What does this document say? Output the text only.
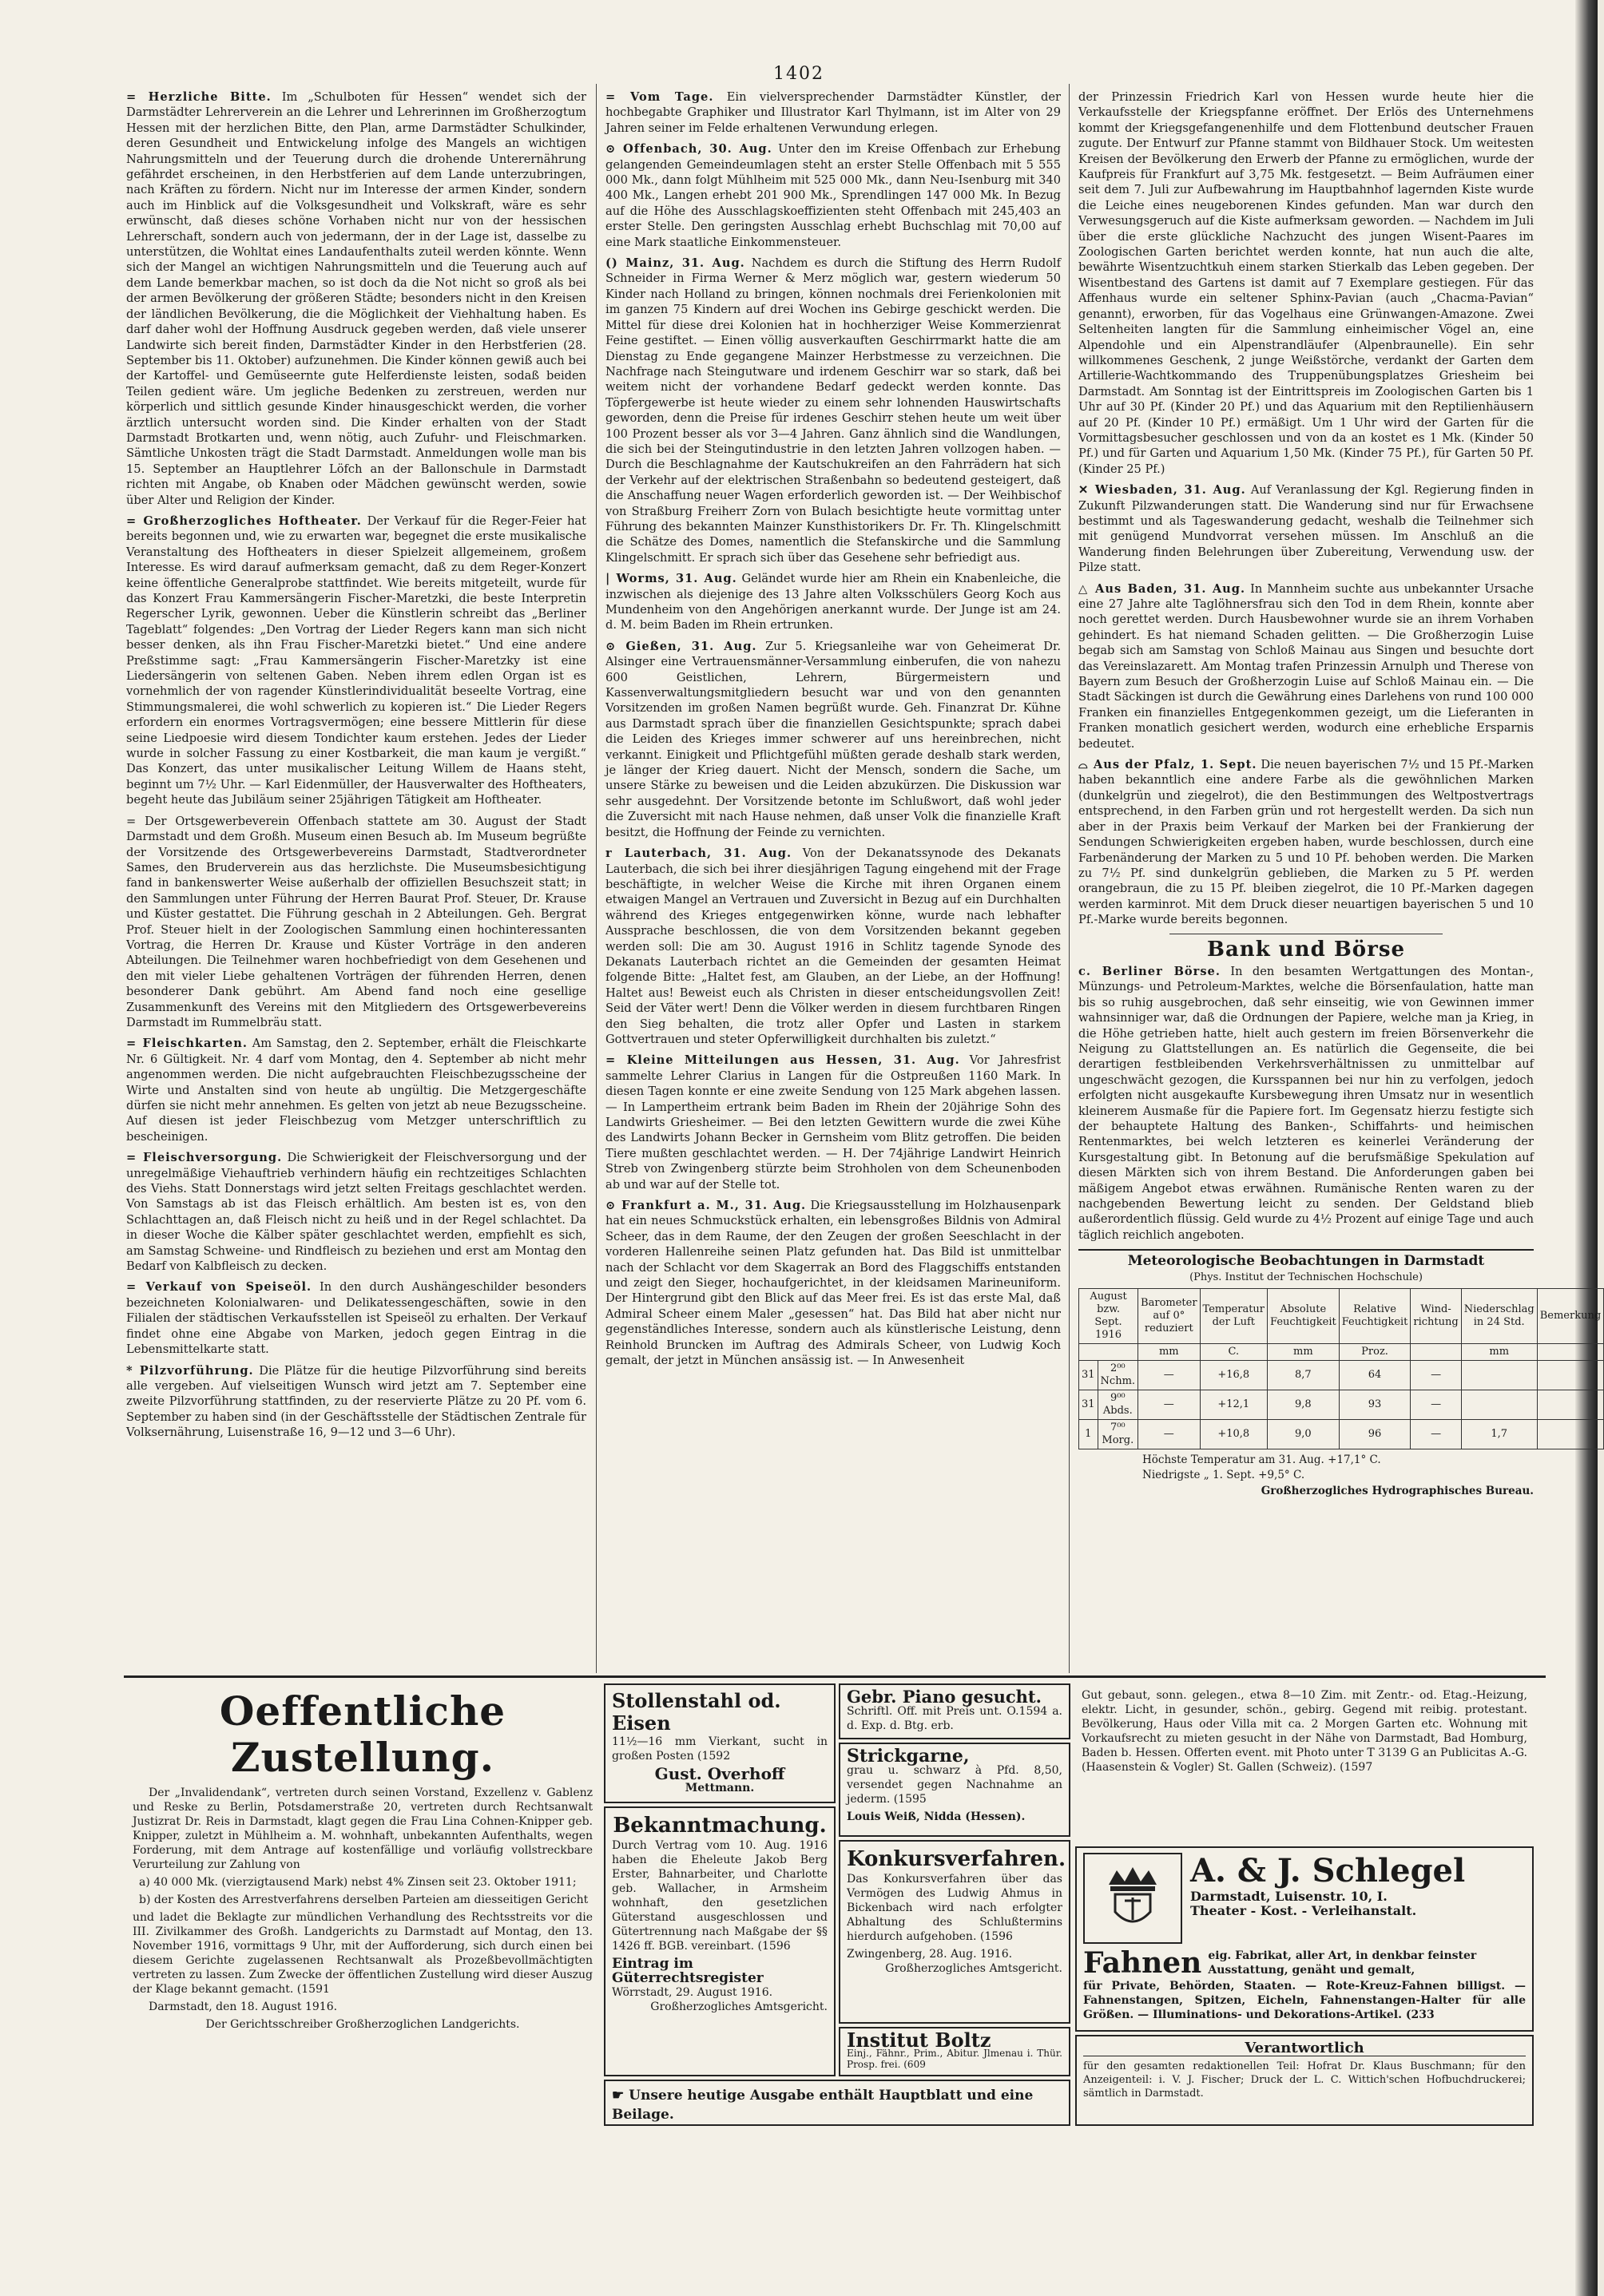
1402

= Herzliche Bitte. Im „Schulboten für Hessen“ wendet sich der Darmstädter Lehrerverein an die Lehrer und Lehrerinnen im Großherzogtum Hessen mit der herzlichen Bitte, den Plan, arme Darmstädter Schulkinder, deren Gesundheit und Entwickelung infolge des Mangels an wichtigen Nahrungsmitteln und der Teuerung durch die drohende Unterernährung gefährdet erscheinen, in den Herbstferien auf dem Lande unterzubringen, nach Kräften zu fördern. Nicht nur im Interesse der armen Kinder, sondern auch im Hinblick auf die Volksgesundheit und Volkskraft, wäre es sehr erwünscht, daß dieses schöne Vorhaben nicht nur von der hessischen Lehrerschaft, sondern auch von jedermann, der in der Lage ist, dasselbe zu unterstützen, die Wohltat eines Landaufenthalts zuteil werden könnte. Wenn sich der Mangel an wichtigen Nahrungsmitteln und die Teuerung auch auf dem Lande bemerkbar machen, so ist doch da die Not nicht so groß als bei der armen Bevölkerung der größeren Städte; besonders nicht in den Kreisen der ländlichen Bevölkerung, die die Möglichkeit der Viehhaltung haben. Es darf daher wohl der Hoffnung Ausdruck gegeben werden, daß viele unserer Landwirte sich bereit finden, Darmstädter Kinder in den Herbstferien (28. September bis 11. Oktober) aufzunehmen. Die Kinder können gewiß auch bei der Kartoffel- und Gemüseernte gute Helferdienste leisten, sodaß beiden Teilen gedient wäre. Um jegliche Bedenken zu zerstreuen, werden nur körperlich und sittlich gesunde Kinder hinausgeschickt werden, die vorher ärztlich untersucht worden sind. Die Kinder erhalten von der Stadt Darmstadt Brotkarten und, wenn nötig, auch Zufuhr- und Fleischmarken. Sämtliche Unkosten trägt die Stadt Darmstadt. Anmeldungen wolle man bis 15. September an Hauptlehrer Löfch an der Ballonschule in Darmstadt richten mit Angabe, ob Knaben oder Mädchen gewünscht werden, sowie über Alter und Religion der Kinder.

= Großherzogliches Hoftheater. Der Verkauf für die Reger-Feier hat bereits begonnen und, wie zu erwarten war, begegnet die erste musikalische Veranstaltung des Hoftheaters in dieser Spielzeit allgemeinem, großem Interesse. Es wird darauf aufmerksam gemacht, daß zu dem Reger-Konzert keine öffentliche Generalprobe stattfindet. Wie bereits mitgeteilt, wurde für das Konzert Frau Kammersängerin Fischer-Maretzki, die beste Interpretin Regerscher Lyrik, gewonnen. Ueber die Künstlerin schreibt das „Berliner Tageblatt“ folgendes: „Den Vortrag der Lieder Regers kann man sich nicht besser denken, als ihn Frau Fischer-Maretzki bietet.“ Und eine andere Preßstimme sagt: „Frau Kammersängerin Fischer-Maretzky ist eine Liedersängerin von seltenen Gaben. Neben ihrem edlen Organ ist es vornehmlich der von ragender Künstlerindividualität beseelte Vortrag, eine Stimmungsmalerei, die wohl schwerlich zu kopieren ist.“ Die Lieder Regers erfordern ein enormes Vortragsvermögen; eine bessere Mittlerin für diese seine Liedpoesie wird diesem Tondichter kaum erstehen. Jedes der Lieder wurde in solcher Fassung zu einer Kostbarkeit, die man kaum je vergißt.“ Das Konzert, das unter musikalischer Leitung Willem de Haans steht, beginnt um 7½ Uhr. — Karl Eidenmüller, der Hausverwalter des Hoftheaters, begeht heute das Jubiläum seiner 25jährigen Tätigkeit am Hoftheater.

= Der Ortsgewerbeverein Offenbach stattete am 30. August der Stadt Darmstadt und dem Großh. Museum einen Besuch ab. Im Museum begrüßte der Vorsitzende des Ortsgewerbevereins Darmstadt, Stadtverordneter Sames, den Bruderverein aus das herzlichste. Die Museumsbesichtigung fand in bankenswerter Weise außerhalb der offiziellen Besuchszeit statt; in den Sammlungen unter Führung der Herren Baurat Prof. Steuer, Dr. Krause und Küster gestattet. Die Führung geschah in 2 Abteilungen. Geh. Bergrat Prof. Steuer hielt in der Zoologischen Sammlung einen hochinteressanten Vortrag, die Herren Dr. Krause und Küster Vorträge in den anderen Abteilungen. Die Teilnehmer waren hochbefriedigt von dem Gesehenen und den mit vieler Liebe gehaltenen Vorträgen der führenden Herren, denen besonderer Dank gebührt. Am Abend fand noch eine gesellige Zusammenkunft des Vereins mit den Mitgliedern des Ortsgewerbevereins Darmstadt im Rummelbräu statt.

= Fleischkarten. Am Samstag, den 2. September, erhält die Fleischkarte Nr. 6 Gültigkeit. Nr. 4 darf vom Montag, den 4. September ab nicht mehr angenommen werden. Die nicht aufgebrauchten Fleischbezugsscheine der Wirte und Anstalten sind von heute ab ungültig. Die Metzgergeschäfte dürfen sie nicht mehr annehmen. Es gelten von jetzt ab neue Bezugsscheine. Auf diesen ist jeder Fleischbezug vom Metzger unterschriftlich zu bescheinigen.

= Fleischversorgung. Die Schwierigkeit der Fleischversorgung und der unregelmäßige Viehauftrieb verhindern häufig ein rechtzeitiges Schlachten des Viehs. Statt Donnerstags wird jetzt selten Freitags geschlachtet werden. Von Samstags ab ist das Fleisch erhältlich. Am besten ist es, von den Schlachttagen an, daß Fleisch nicht zu heiß und in der Regel schlachtet. Da in dieser Woche die Kälber später geschlachtet werden, empfiehlt es sich, am Samstag Schweine- und Rindfleisch zu beziehen und erst am Montag den Bedarf von Kalbfleisch zu decken.

= Verkauf von Speiseöl. In den durch Aushängeschilder besonders bezeichneten Kolonialwaren- und Delikatessengeschäften, sowie in den Filialen der städtischen Verkaufsstellen ist Speiseöl zu erhalten. Der Verkauf findet ohne eine Abgabe von Marken, jedoch gegen Eintrag in die Lebensmittelkarte statt.

* Pilzvorführung. Die Plätze für die heutige Pilzvorführung sind bereits alle vergeben. Auf vielseitigen Wunsch wird jetzt am 7. September eine zweite Pilzvorführung stattfinden, zu der reservierte Plätze zu 20 Pf. vom 6. September zu haben sind (in der Geschäftsstelle der Städtischen Zentrale für Volksernährung, Luisenstraße 16, 9—12 und 3—6 Uhr).

= Vom Tage. Ein vielversprechender Darmstädter Künstler, der hochbegabte Graphiker und Illustrator Karl Thylmann, ist im Alter von 29 Jahren seiner im Felde erhaltenen Verwundung erlegen.

⊙ Offenbach, 30. Aug. Unter den im Kreise Offenbach zur Erhebung gelangenden Gemeindeumlagen steht an erster Stelle Offenbach mit 5 555 000 Mk., dann folgt Mühlheim mit 525 000 Mk., dann Neu-Isenburg mit 340 400 Mk., Langen erhebt 201 900 Mk., Sprendlingen 147 000 Mk. In Bezug auf die Höhe des Ausschlagskoeffizienten steht Offenbach mit 245,403 an erster Stelle. Den geringsten Ausschlag erhebt Buchschlag mit 70,00 auf eine Mark staatliche Einkommensteuer.

() Mainz, 31. Aug. Nachdem es durch die Stiftung des Herrn Rudolf Schneider in Firma Werner & Merz möglich war, gestern wiederum 50 Kinder nach Holland zu bringen, können nochmals drei Ferienkolonien mit im ganzen 75 Kindern auf drei Wochen ins Gebirge geschickt werden. Die Mittel für diese drei Kolonien hat in hochherziger Weise Kommerzienrat Feine gestiftet. — Einen völlig ausverkauften Geschirrmarkt hatte die am Dienstag zu Ende gegangene Mainzer Herbstmesse zu verzeichnen. Die Nachfrage nach Steingutware und irdenem Geschirr war so stark, daß bei weitem nicht der vorhandene Bedarf gedeckt werden konnte. Das Töpfergewerbe ist heute wieder zu einem sehr lohnenden Hauswirtschafts geworden, denn die Preise für irdenes Geschirr stehen heute um weit über 100 Prozent besser als vor 3—4 Jahren. Ganz ähnlich sind die Wandlungen, die sich bei der Steingutindustrie in den letzten Jahren vollzogen haben. — Durch die Beschlagnahme der Kautschukreifen an den Fahrrädern hat sich der Verkehr auf der elektrischen Straßenbahn so bedeutend gesteigert, daß die Anschaffung neuer Wagen erforderlich geworden ist. — Der Weihbischof von Straßburg Freiherr Zorn von Bulach besichtigte heute vormittag unter Führung des bekannten Mainzer Kunsthistorikers Dr. Fr. Th. Klingelschmitt die Schätze des Domes, namentlich die Stefanskirche und die Sammlung Klingelschmitt. Er sprach sich über das Gesehene sehr befriedigt aus.

| Worms, 31. Aug. Geländet wurde hier am Rhein ein Knabenleiche, die inzwischen als diejenige des 13 Jahre alten Volksschülers Georg Koch aus Mundenheim von den Angehörigen anerkannt wurde. Der Junge ist am 24. d. M. beim Baden im Rhein ertrunken.

⊙ Gießen, 31. Aug. Zur 5. Kriegsanleihe war von Geheimerat Dr. Alsinger eine Vertrauensmänner-Versammlung einberufen, die von nahezu 600 Geistlichen, Lehrern, Bürgermeistern und Kassenverwaltungsmitgliedern besucht war und von den genannten Vorsitzenden im großen Namen begrüßt wurde. Geh. Finanzrat Dr. Kühne aus Darmstadt sprach über die finanziellen Gesichtspunkte; sprach dabei die Leiden des Krieges immer schwerer auf uns hereinbrechen, nicht verkannt. Einigkeit und Pflichtgefühl müßten gerade deshalb stark werden, je länger der Krieg dauert. Nicht der Mensch, sondern die Sache, um unsere Stärke zu beweisen und die Leiden abzukürzen. Die Diskussion war sehr ausgedehnt. Der Vorsitzende betonte im Schlußwort, daß wohl jeder die Zuversicht mit nach Hause nehmen, daß unser Volk die finanzielle Kraft besitzt, die Hoffnung der Feinde zu vernichten.

r Lauterbach, 31. Aug. Von der Dekanatssynode des Dekanats Lauterbach, die sich bei ihrer diesjährigen Tagung eingehend mit der Frage beschäftigte, in welcher Weise die Kirche mit ihren Organen einem etwaigen Mangel an Vertrauen und Zuversicht in Bezug auf ein Durchhalten während des Krieges entgegenwirken könne, wurde nach lebhafter Aussprache beschlossen, die von dem Vorsitzenden bekannt gegeben werden soll: Die am 30. August 1916 in Schlitz tagende Synode des Dekanats Lauterbach richtet an die Gemeinden der gesamten Heimat folgende Bitte: „Haltet fest, am Glauben, an der Liebe, an der Hoffnung! Haltet aus! Beweist euch als Christen in dieser entscheidungsvollen Zeit! Seid der Väter wert! Denn die Völker werden in diesem furchtbaren Ringen den Sieg behalten, die trotz aller Opfer und Lasten in starkem Gottvertrauen und steter Opferwilligkeit durchhalten bis zuletzt.“

= Kleine Mitteilungen aus Hessen, 31. Aug. Vor Jahresfrist sammelte Lehrer Clarius in Langen für die Ostpreußen 1160 Mark. In diesen Tagen konnte er eine zweite Sendung von 125 Mark abgehen lassen. — In Lampertheim ertrank beim Baden im Rhein der 20jährige Sohn des Landwirts Griesheimer. — Bei den letzten Gewittern wurde die zwei Kühe des Landwirts Johann Becker in Gernsheim vom Blitz getroffen. Die beiden Tiere mußten geschlachtet werden. — H. Der 74jährige Landwirt Heinrich Streb von Zwingenberg stürzte beim Strohholen von dem Scheunenboden ab und war auf der Stelle tot.

⊙ Frankfurt a. M., 31. Aug. Die Kriegsausstellung im Holzhausenpark hat ein neues Schmuckstück erhalten, ein lebensgroßes Bildnis von Admiral Scheer, das in dem Raume, der den Zeugen der großen Seeschlacht in der vorderen Hallenreihe seinen Platz gefunden hat. Das Bild ist unmittelbar nach der Schlacht vor dem Skagerrak an Bord des Flaggschiffs entstanden und zeigt den Sieger, hochaufgerichtet, in der kleidsamen Marineuniform. Der Hintergrund gibt den Blick auf das Meer frei. Es ist das erste Mal, daß Admiral Scheer einem Maler „gesessen“ hat. Das Bild hat aber nicht nur gegenständliches Interesse, sondern auch als künstlerische Leistung, denn Reinhold Bruncken im Auftrag des Admirals Scheer, von Ludwig Koch gemalt, der jetzt in München ansässig ist. — In Anwesenheit

der Prinzessin Friedrich Karl von Hessen wurde heute hier die Verkaufsstelle der Kriegspfanne eröffnet. Der Erlös des Unternehmens kommt der Kriegsgefangenenhilfe und dem Flottenbund deutscher Frauen zugute. Der Entwurf zur Pfanne stammt von Bildhauer Stock. Um weitesten Kreisen der Bevölkerung den Erwerb der Pfanne zu ermöglichen, wurde der Kaufpreis für Frankfurt auf 3,75 Mk. festgesetzt. — Beim Aufräumen einer seit dem 7. Juli zur Aufbewahrung im Hauptbahnhof lagernden Kiste wurde die Leiche eines neugeborenen Kindes gefunden. Man war durch den Verwesungsgeruch auf die Kiste aufmerksam geworden. — Nachdem im Juli über die erste glückliche Nachzucht des jungen Wisent-Paares im Zoologischen Garten berichtet werden konnte, hat nun auch die alte, bewährte Wisentzuchtkuh einem starken Stierkalb das Leben gegeben. Der Wisentbestand des Gartens ist damit auf 7 Exemplare gestiegen. Für das Affenhaus wurde ein seltener Sphinx-Pavian (auch „Chacma-Pavian“ genannt), erworben, für das Vogelhaus eine Grünwangen-Amazone. Zwei Seltenheiten langten für die Sammlung einheimischer Vögel an, eine Alpendohle und ein Alpenstrandläufer (Alpenbraunelle). Ein sehr willkommenes Geschenk, 2 junge Weißstörche, verdankt der Garten dem Artillerie-Wachtkommando des Truppenübungsplatzes Griesheim bei Darmstadt. Am Sonntag ist der Eintrittspreis im Zoologischen Garten bis 1 Uhr auf 30 Pf. (Kinder 20 Pf.) und das Aquarium mit den Reptilienhäusern auf 20 Pf. (Kinder 10 Pf.) ermäßigt. Um 1 Uhr wird der Garten für die Vormittagsbesucher geschlossen und von da an kostet es 1 Mk. (Kinder 50 Pf.) und für Garten und Aquarium 1,50 Mk. (Kinder 75 Pf.), für Garten 50 Pf. (Kinder 25 Pf.)

✕ Wiesbaden, 31. Aug. Auf Veranlassung der Kgl. Regierung finden in Zukunft Pilzwanderungen statt. Die Wanderung sind nur für Erwachsene bestimmt und als Tageswanderung gedacht, weshalb die Teilnehmer sich mit genügend Mundvorrat versehen müssen. Im Anschluß an die Wanderung finden Belehrungen über Zubereitung, Verwendung usw. der Pilze statt.

△ Aus Baden, 31. Aug. In Mannheim suchte aus unbekannter Ursache eine 27 Jahre alte Taglöhnersfrau sich den Tod in dem Rhein, konnte aber noch gerettet werden. Durch Hausbewohner wurde sie an ihrem Vorhaben gehindert. Es hat niemand Schaden gelitten. — Die Großherzogin Luise begab sich am Samstag von Schloß Mainau aus Singen und besuchte dort das Vereinslazarett. Am Montag trafen Prinzessin Arnulph und Therese von Bayern zum Besuch der Großherzogin Luise auf Schloß Mainau ein. — Die Stadt Säckingen ist durch die Gewährung eines Darlehens von rund 100 000 Franken ein finanzielles Entgegenkommen gezeigt, um die Lieferanten in Franken monatlich gesichert werden, wodurch eine erhebliche Ersparnis bedeutet.

⌓ Aus der Pfalz, 1. Sept. Die neuen bayerischen 7½ und 15 Pf.-Marken haben bekanntlich eine andere Farbe als die gewöhnlichen Marken (dunkelgrün und ziegelrot), die den Bestimmungen des Weltpostvertrags entsprechend, in den Farben grün und rot hergestellt werden. Da sich nun aber in der Praxis beim Verkauf der Marken bei der Frankierung der Sendungen Schwierigkeiten ergeben haben, wurde beschlossen, durch eine Farbenänderung der Marken zu 5 und 10 Pf. behoben werden. Die Marken zu 7½ Pf. sind dunkelgrün geblieben, die Marken zu 5 Pf. werden orangebraun, die zu 15 Pf. bleiben ziegelrot, die 10 Pf.-Marken dagegen werden karminrot. Mit dem Druck dieser neuartigen bayerischen 5 und 10 Pf.-Marke wurde bereits begonnen.

Bank und Börse

c. Berliner Börse. In den besamten Wertgattungen des Montan-, Münzungs- und Petroleum-Marktes, welche die Börsenfaulation, hatte man bis so ruhig ausgebrochen, daß sehr einseitig, wie von Gewinnen immer wahnsinniger war, daß die Ordnungen der Papiere, welche man ja Krieg, in die Höhe getrieben hatte, hielt auch gestern im freien Börsenverkehr die Neigung zu Glattstellungen an. Es natürlich die Gegenseite, die bei derartigen festbleibenden Verkehrsverhältnissen zu unmittelbar auf ungeschwächt gezogen, die Kursspannen bei nur hin zu verfolgen, jedoch erfolgten nicht ausgekaufte Kursbewegung ihren Umsatz nur in wesentlich kleinerem Ausmaße für die Papiere fort. Im Gegensatz hierzu festigte sich der behauptete Haltung des Banken-, Schiffahrts- und heimischen Rentenmarktes, bei welch letzteren es keinerlei Veränderung der Kursgestaltung gibt. In Betonung auf die berufsmäßige Spekulation auf diesen Märkten sich von ihrem Bestand. Die Anforderungen gaben bei mäßigem Angebot etwas erwähnen. Rumänische Renten waren zu der nachgebenden Bewertung leicht zu senden. Der Geldstand blieb außerordentlich flüssig. Geld wurde zu 4½ Prozent auf einige Tage und auch täglich reichlich angeboten.

Meteorologische Beobachtungen in Darmstadt
(Phys. Institut der Technischen Hochschule)
August bzw. Sept. 1916		Barometer auf 0° reduziert	Temperatur der Luft	Absolute Feuchtigkeit	Relative Feuchtigkeit	Wind-richtung	Niederschlag in 24 Std.	Bemerkung
		mm	C.	mm	Proz.		mm	
31	2⁰⁰ Nchm.	—	+16,8	8,7	64	—		
31	9⁰⁰ Abds.	—	+12,1	9,8	93	—		
1	7⁰⁰ Morg.	—	+10,8	9,0	96	—	1,7	
Höchste Temperatur am 31. Aug. +17,1° C.
Niedrigste „ 1. Sept. +9,5° C.
Großherzogliches Hydrographisches Bureau.
Oeffentliche Zustellung.

Der „Invalidendank“, vertreten durch seinen Vorstand, Exzellenz v. Gablenz und Reske zu Berlin, Potsdamerstraße 20, vertreten durch Rechtsanwalt Justizrat Dr. Reis in Darmstadt, klagt gegen die Frau Lina Cohnen-Knipper geb. Knipper, zuletzt in Mühlheim a. M. wohnhaft, unbekannten Aufenthalts, wegen Forderung, mit dem Antrage auf kostenfällige und vorläufig vollstreckbare Verurteilung zur Zahlung von

a) 40 000 Mk. (vierzigtausend Mark) nebst 4% Zinsen seit 23. Oktober 1911;

b) der Kosten des Arrestverfahrens derselben Parteien am diesseitigen Gericht

und ladet die Beklagte zur mündlichen Verhandlung des Rechtsstreits vor die III. Zivilkammer des Großh. Landgerichts zu Darmstadt auf Montag, den 13. November 1916, vormittags 9 Uhr, mit der Aufforderung, sich durch einen bei diesem Gerichte zugelassenen Rechtsanwalt als Prozeßbevollmächtigten vertreten zu lassen. Zum Zwecke der öffentlichen Zustellung wird dieser Auszug der Klage bekannt gemacht. (1591

Darmstadt, den 18. August 1916.

Der Gerichtsschreiber Großherzoglichen Landgerichts.

Stollenstahl od. Eisen

11½—16 mm Vierkant, sucht in großen Posten (1592

Gust. Overhoff
Mettmann.
Bekanntmachung.

Durch Vertrag vom 10. Aug. 1916 haben die Eheleute Jakob Berg Erster, Bahnarbeiter, und Charlotte geb. Wallacher, in Armsheim wohnhaft, den gesetzlichen Güterstand ausgeschlossen und Gütertrennung nach Maßgabe der §§ 1426 ff. BGB. vereinbart. (1596

Eintrag im Güterrechtsregister
Wörrstadt, 29. August 1916.
Großherzogliches Amtsgericht.
Gebr. Piano gesucht.

Schriftl. Off. mit Preis unt. O.1594 a. d. Exp. d. Btg. erb.

Strickgarne,

grau u. schwarz à Pfd. 8,50, versendet gegen Nachnahme an jederm. (1595

Louis Weiß, Nidda (Hessen).
Konkursverfahren.

Das Konkursverfahren über das Vermögen des Ludwig Ahmus in Bickenbach wird nach erfolgter Abhaltung des Schlußtermins hierdurch aufgehoben. (1596

Zwingenberg, 28. Aug. 1916.
Großherzogliches Amtsgericht.
Institut Boltz

Einj., Fähnr., Prim., Abitur. Jlmenau i. Thür. Prosp. frei. (609

☛ Unsere heutige Ausgabe enthält Hauptblatt und eine Beilage.

Gut gebaut, sonn. gelegen., etwa 8—10 Zim. mit Zentr.- od. Etag.-Heizung, elektr. Licht, in gesunder, schön., gebirg. Gegend mit reibig. protestant. Bevölkerung, Haus oder Villa mit ca. 2 Morgen Garten etc. Wohnung mit Vorkaufsrecht zu mieten gesucht in der Nähe von Darmstadt, Bad Homburg, Baden b. Hessen. Offerten event. mit Photo unter T 3139 G an Publicitas A.-G. (Haasenstein & Vogler) St. Gallen (Schweiz). (1597

A. & J. Schlegel
Darmstadt, Luisenstr. 10, I.
Theater - Kost. - Verleihanstalt.
Fahnen eig. Fabrikat, aller Art, in denkbar feinster Ausstattung, genäht und gemalt,

für Private, Behörden, Staaten. — Rote-Kreuz-Fahnen billigst. — Fahnenstangen, Spitzen, Eicheln, Fahnenstangen-Halter für alle Größen. — Illuminations- und Dekorations-Artikel. (233

Verantwortlich

für den gesamten redaktionellen Teil: Hofrat Dr. Klaus Buschmann; für den Anzeigenteil: i. V. J. Fischer; Druck der L. C. Wittich'schen Hofbuchdruckerei; sämtlich in Darmstadt.
